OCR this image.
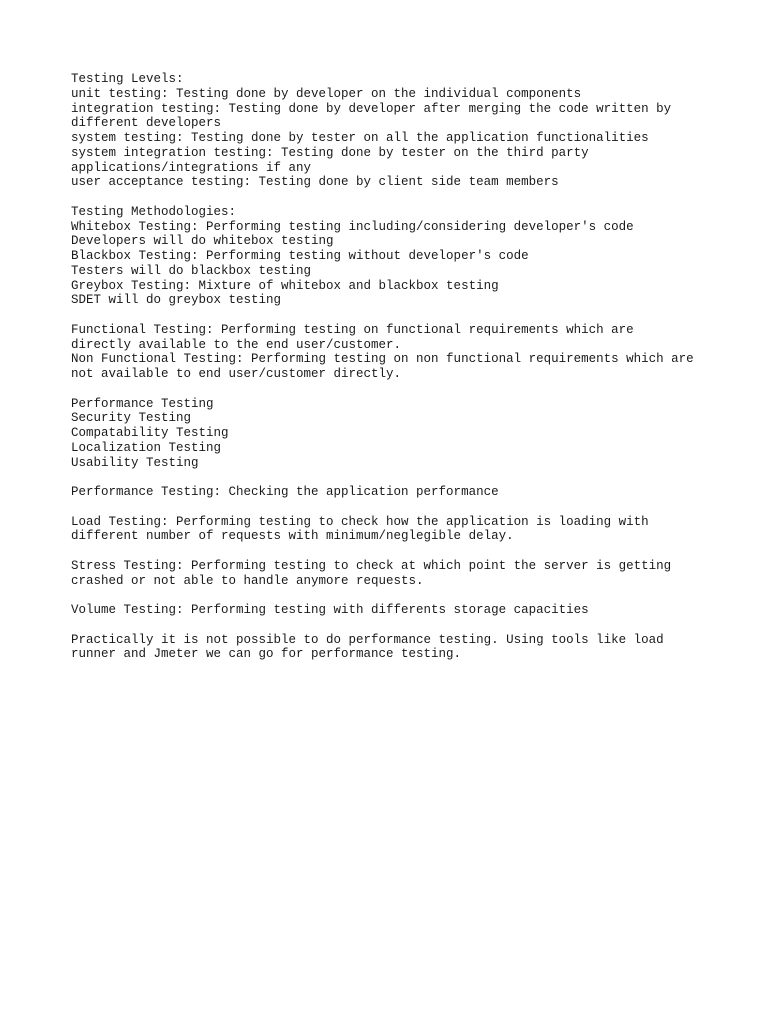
Testing Levels:
unit testing: Testing done by developer on the individual components
integration testing: Testing done by developer after merging the code written by
different developers
system testing: Testing done by tester on all the application functionalities
system integration testing: Testing done by tester on the third party
applications/integrations if any
user acceptance testing: Testing done by client side team members
Testing Methodologies:
Whitebox Testing: Performing testing including/considering developer's code
Developers will do whitebox testing
Blackbox Testing: Performing testing without developer's code
Testers will do blackbox testing
Greybox Testing: Mixture of whitebox and blackbox testing
SDET will do greybox testing
Functional Testing: Performing testing on functional requirements which are
directly available to the end user/customer.
Non Functional Testing: Performing testing on non functional requirements which are
not available to end user/customer directly.
Performance Testing
Security Testing
Compatability Testing
Localization Testing
Usability Testing
Performance Testing: Checking the application performance
Load Testing: Performing testing to check how the application is loading with
different number of requests with minimum/neglegible delay.
Stress Testing: Performing testing to check at which point the server is getting
crashed or not able to handle anymore requests.
Volume Testing: Performing testing with differents storage capacities
Practically it is not possible to do performance testing. Using tools like load
runner and Jmeter we can go for performance testing.
